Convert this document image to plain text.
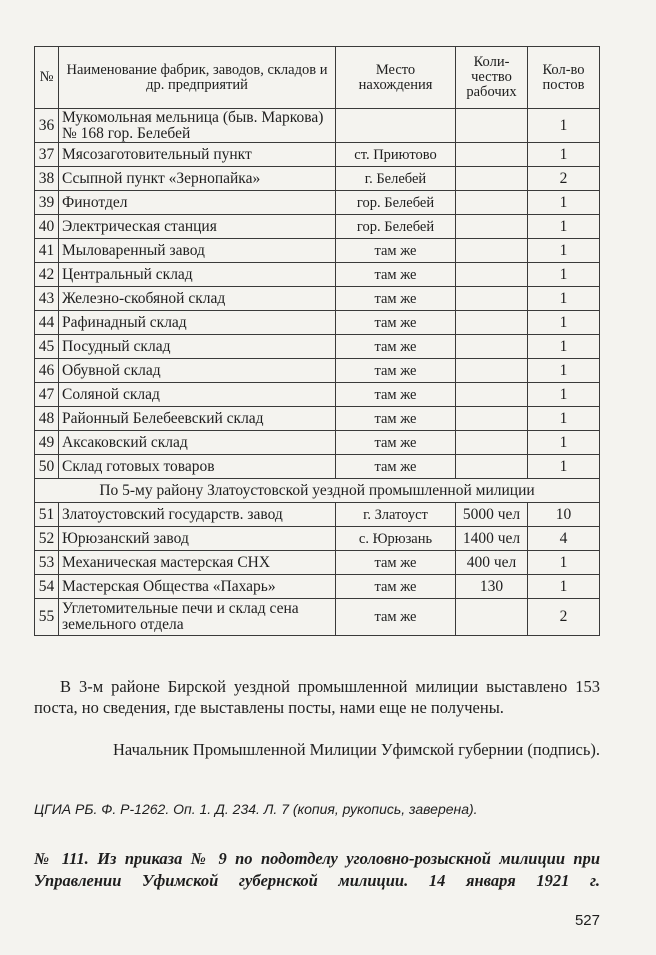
№	Наименование фабрик, заводов, складов и др. предприятий	Место нахождения	Коли-чество рабочих	Кол-во постов
36	Мукомольная мельница (быв. Маркова) № 168 гор. Белебей			1
37	Мясозаготовительный пункт	ст. Приютово		1
38	Ссыпной пункт «Зернопайка»	г. Белебей		2
39	Финотдел	гор. Белебей		1
40	Электрическая станция	гор. Белебей		1
41	Мыловаренный завод	там же		1
42	Центральный склад	там же		1
43	Железно-скобяной склад	там же		1
44	Рафинадный склад	там же		1
45	Посудный склад	там же		1
46	Обувной склад	там же		1
47	Соляной склад	там же		1
48	Районный Белебеевский склад	там же		1
49	Аксаковский склад	там же		1
50	Склад готовых товаров	там же		1
По 5-му району Златоустовской уездной промышленной милиции				
51	Златоустовский государств. завод	г. Златоуст	5000 чел	10
52	Юрюзанский завод	с. Юрюзань	1400 чел	4
53	Механическая мастерская СНХ	там же	400 чел	1
54	Мастерская Общества «Пахарь»	там же	130	1
55	Углетомительные печи и склад сена земельного отдела	там же		2
В 3-м районе Бирской уездной промышленной милиции выставлено 153 поста, но сведения, где выставлены посты, нами еще не получены.
Начальник Промышленной Милиции Уфимской губернии (подпись).
ЦГИА РБ. Ф. Р-1262. Оп. 1. Д. 234. Л. 7 (копия, рукопись, заверена).
№ 111. Из приказа № 9 по подотделу уголовно-розыскной милиции при Управлении Уфимской губернской милиции. 14 января 1921 г.
527
